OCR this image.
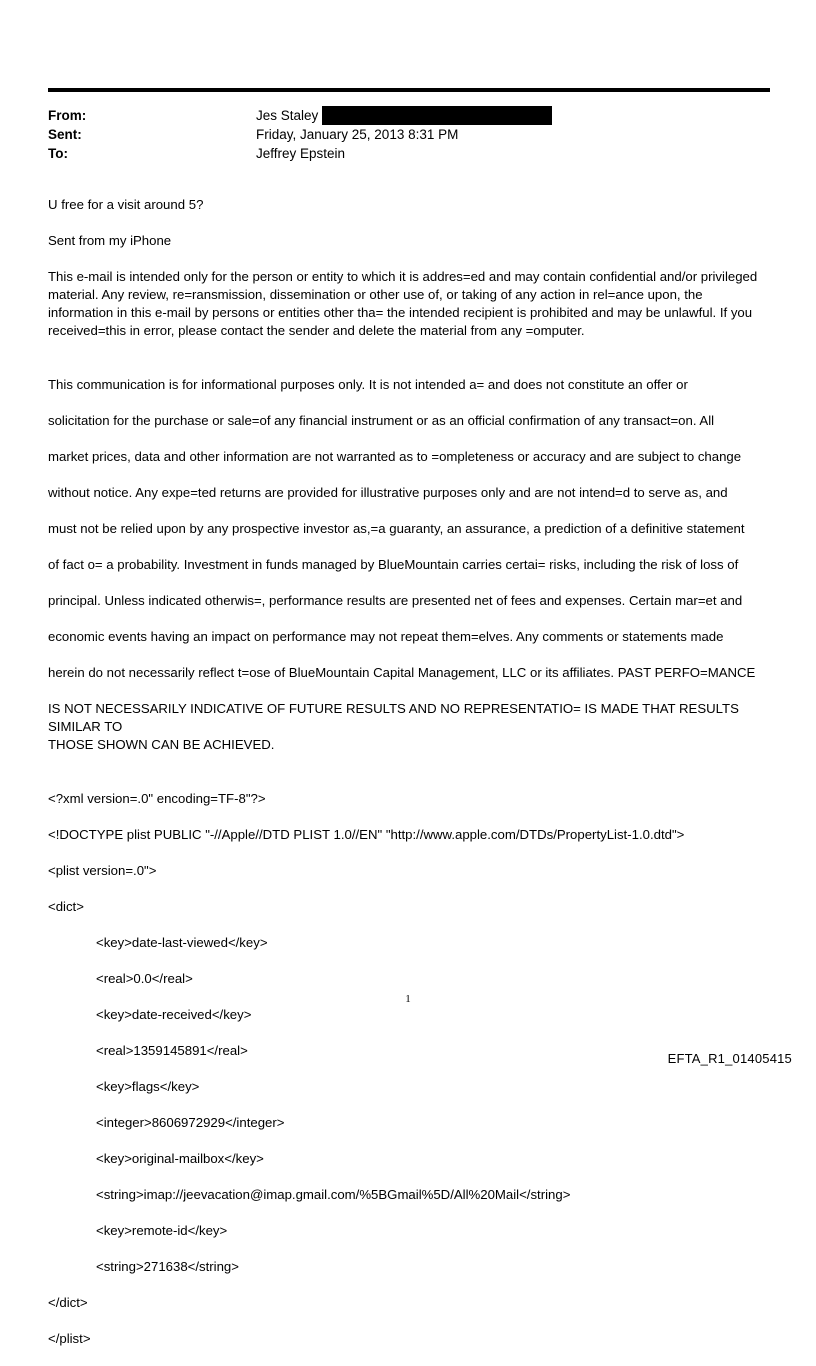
From:	Jes Staley
Sent:	Friday, January 25, 2013 8:31 PM
To:	Jeffrey Epstein

U free for a visit around 5?

Sent from my iPhone

This e-mail is intended only for the person or entity to which it is addres=ed and may contain confidential and/or privileged material. Any review, re=ransmission, dissemination or other use of, or taking of any action in rel=ance upon, the information in this e-mail by persons or entities other tha= the intended recipient is prohibited and may be unlawful. If you received=this in error, please contact the sender and delete the material from any =omputer.

This communication is for informational purposes only. It is not intended a= and does not constitute an offer or

solicitation for the purchase or sale=of any financial instrument or as an official confirmation of any transact=on. All

market prices, data and other information are not warranted as to =ompleteness or accuracy and are subject to change

without notice. Any expe=ted returns are provided for illustrative purposes only and are not intend=d to serve as, and

must not be relied upon by any prospective investor as,=a guaranty, an assurance, a prediction of a definitive statement

of fact o= a probability. Investment in funds managed by BlueMountain carries certai= risks, including the risk of loss of

principal. Unless indicated otherwis=, performance results are presented net of fees and expenses. Certain mar=et and

economic events having an impact on performance may not repeat them=elves. Any comments or statements made

herein do not necessarily reflect t=ose of BlueMountain Capital Management, LLC or its affiliates. PAST PERFO=MANCE

IS NOT NECESSARILY INDICATIVE OF FUTURE RESULTS AND NO REPRESENTATIO= IS MADE THAT RESULTS SIMILAR TO

THOSE SHOWN CAN BE ACHIEVED.

<?xml version=.0" encoding=TF-8"?>

<!DOCTYPE plist PUBLIC "-//Apple//DTD PLIST 1.0//EN" "http://www.apple.com/DTDs/PropertyList-1.0.dtd">

<plist version=.0">

<dict>

<key>date-last-viewed</key>

<real>0.0</real>

<key>date-received</key>

<real>1359145891</real>

<key>flags</key>

<integer>8606972929</integer>

<key>original-mailbox</key>

<string>imap://jeevacation@imap.gmail.com/%5BGmail%5D/All%20Mail</string>

<key>remote-id</key>

<string>271638</string>

</dict>

</plist>

1
EFTA_R1_01405415
